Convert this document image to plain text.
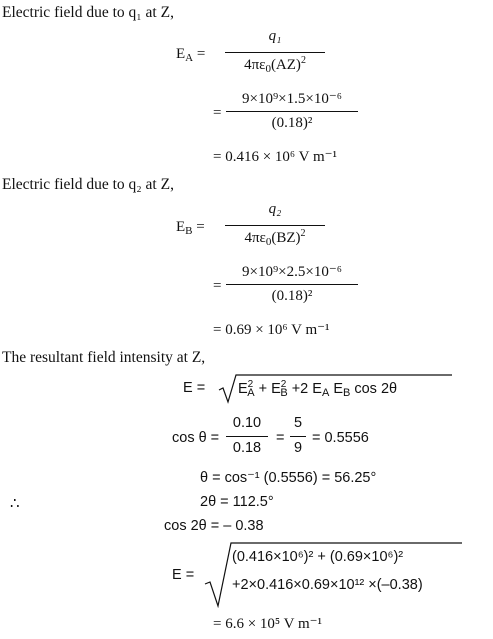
Electric field due to q₁ at Z,
$E_A$ =
q₁
$4\pi\varepsilon_0(AZ)^2$
=
9×10⁹×1.5×10⁻⁶
(0.18)²
= 0.416 × 10⁶ V m⁻¹
Electric field due to q₂ at Z,
$E_B$ =
q₂
$4\pi\varepsilon_0(BZ)^2$
=
9×10⁹×2.5×10⁻⁶
(0.18)²
= 0.69 × 10⁶ V m⁻¹
The resultant field intensity at Z,
$E = E^2_A + E^2_B +2$ $E_A$ $E_B$ cos 2θ
cos θ =
0.10
0.18
=
5
9
= 0.5556
θ = cos⁻¹ (0.5556) = 56.25°
∴	2θ = 112.5°
cos 2θ = – 0.38
E =
(0.416×10⁶)² + (0.69×10⁶)²
+2×0.416×0.69×10¹² ×(–0.38)
= 6.6 × 10⁵ V m⁻¹
